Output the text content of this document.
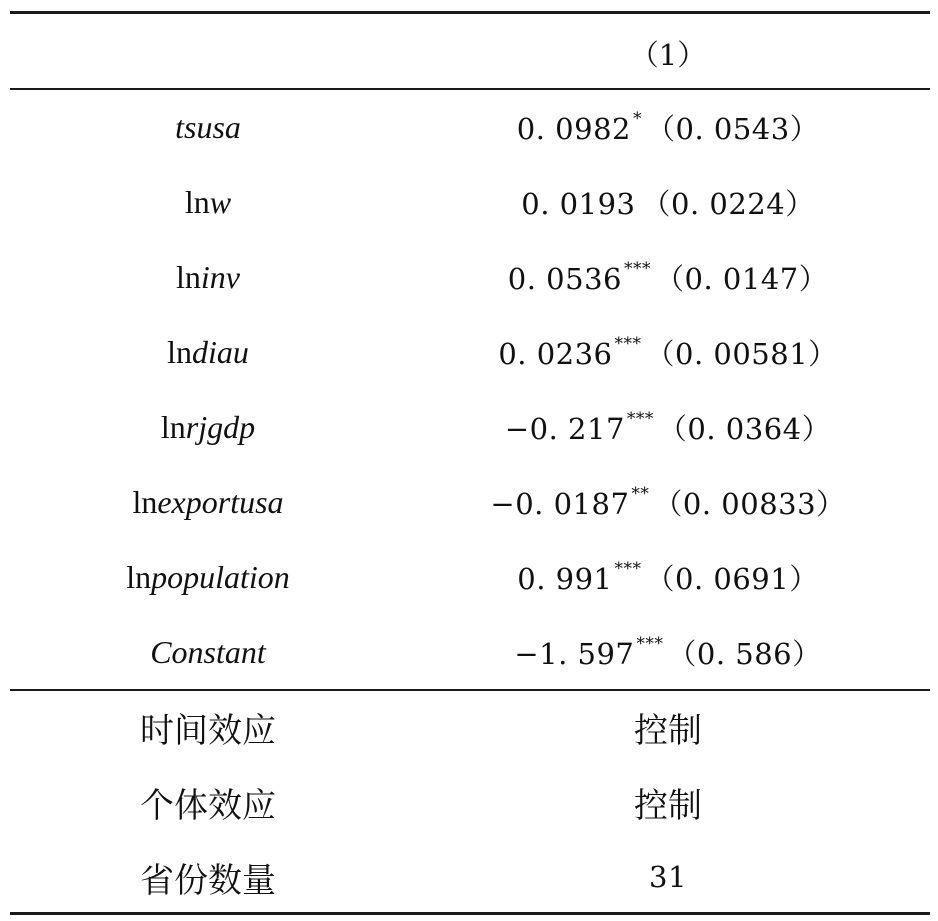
（1）
tsusa	0. 0982 * （0. 0543）
lnw	0. 0193 （0. 0224）
lninv	0. 0536 *** （0. 0147）
lndiau	0. 0236 *** （0. 00581）
lnrjgdp	−0. 217 *** （0. 0364）
lnexportusa	−0. 0187 ** （0. 00833）
lnpopulation	0. 991 *** （0. 0691）
Constant	−1. 597 *** （0. 586）
时间效应	控制
个体效应	控制
省份数量	31
